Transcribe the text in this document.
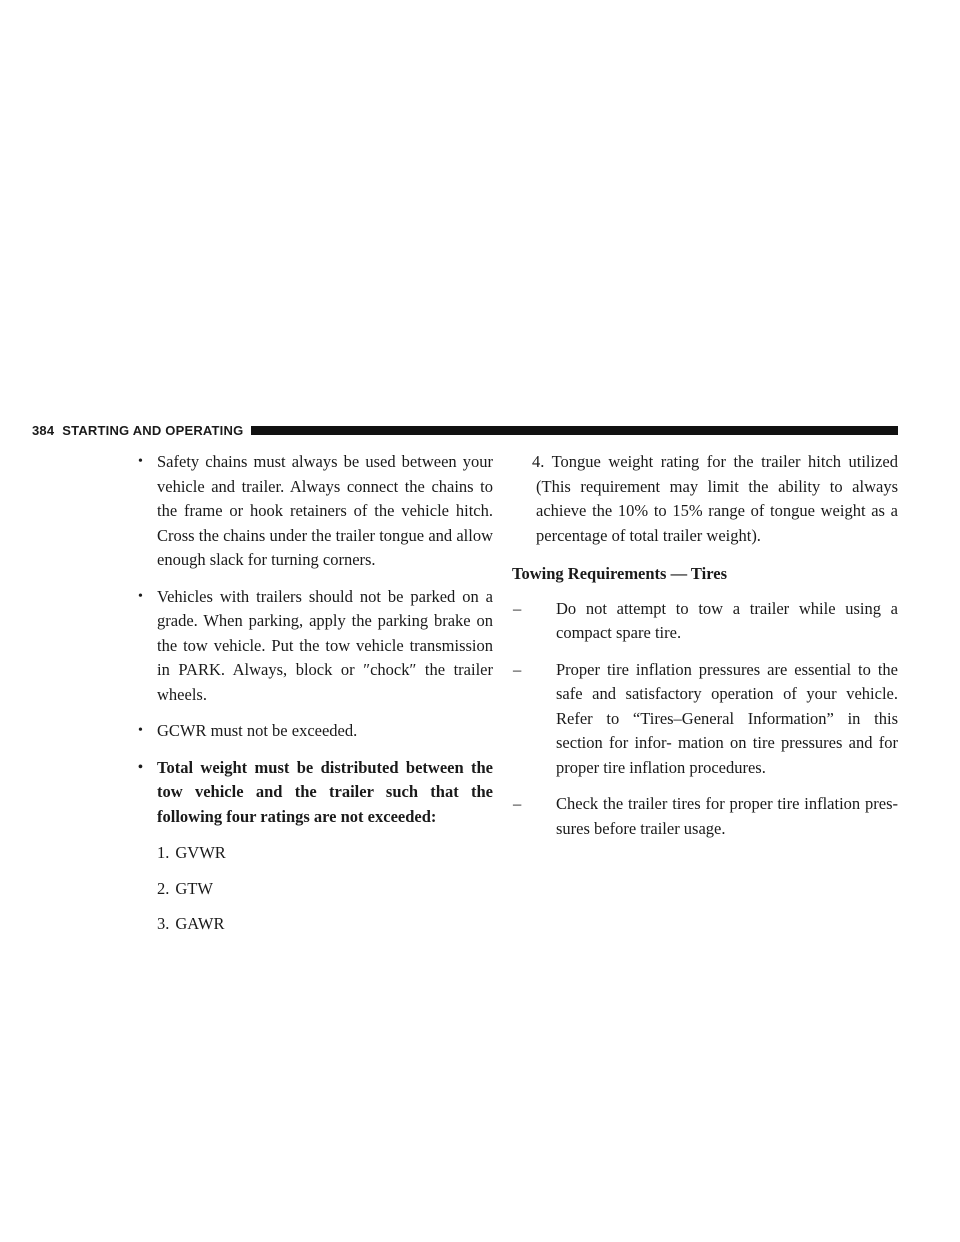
384 STARTING AND OPERATING
• Safety chains must always be used between your vehicle and trailer. Always connect the chains to the frame or hook retainers of the vehicle hitch. Cross the chains under the trailer tongue and allow enough slack for turning corners.
• Vehicles with trailers should not be parked on a grade. When parking, apply the parking brake on the tow vehicle. Put the tow vehicle transmission in PARK. Always, block or ″chock″ the trailer wheels.
• GCWR must not be exceeded.
• Total weight must be distributed between the tow vehicle and the trailer such that the following four ratings are not exceeded:
1. GVWR
2. GTW
3. GAWR
4. Tongue weight rating for the trailer hitch utilized (This requirement may limit the ability to always achieve the 10% to 15% range of tongue weight as a percentage of total trailer weight).
Towing Requirements — Tires
– Do not attempt to tow a trailer while using a compact spare tire.
– Proper tire inflation pressures are essential to the safe and satisfactory operation of your vehicle. Refer to “Tires–General Information” in this section for infor- mation on tire pressures and for proper tire inflation procedures.
– Check the trailer tires for proper tire inflation pres- sures before trailer usage.
